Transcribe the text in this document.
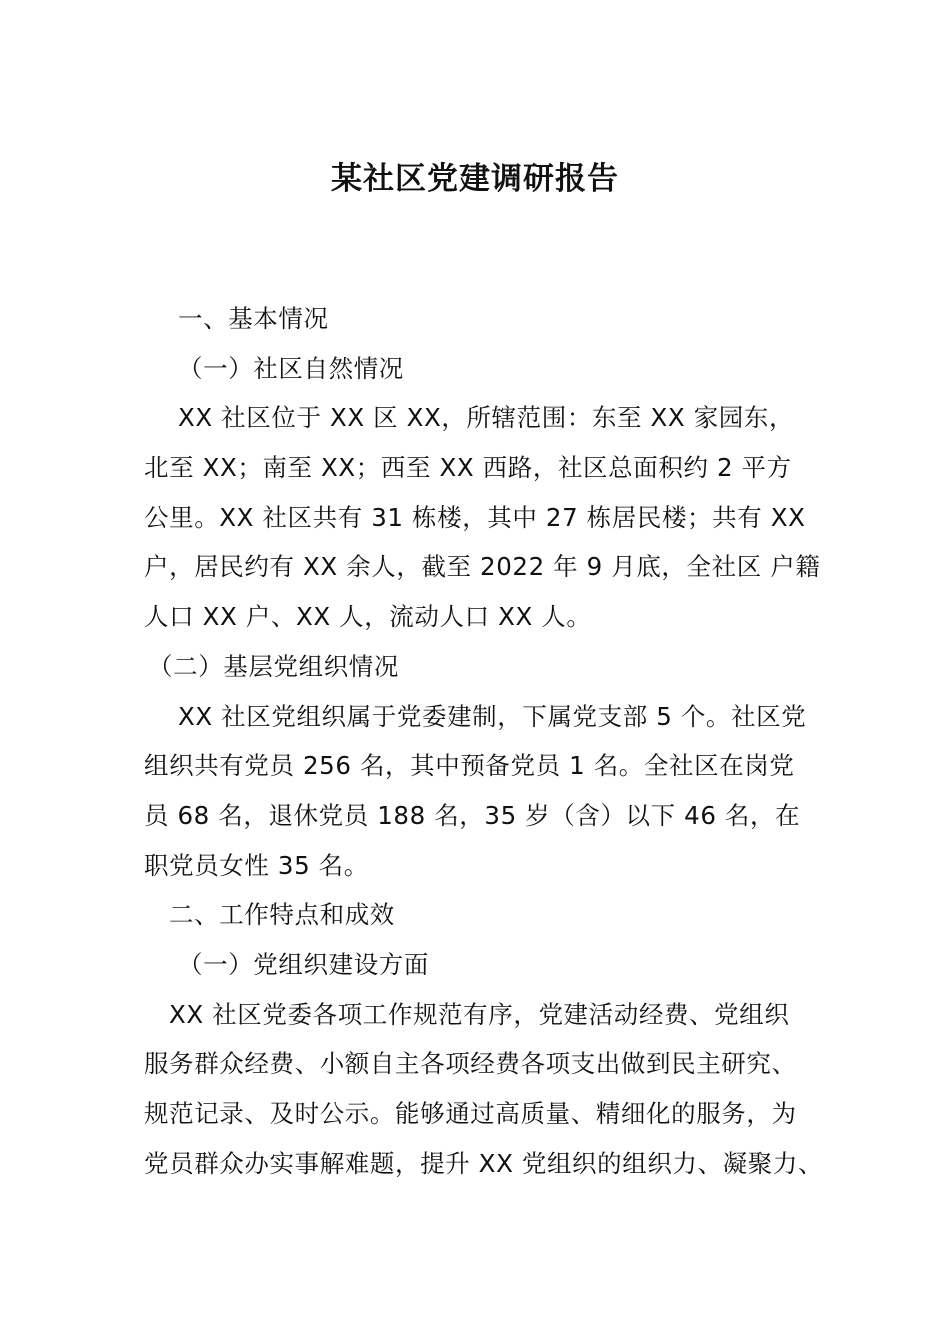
某社区党建调研报告
一、基本情况
（一）社区自然情况
XX 社区位于 XX 区 XX，所辖范围：东至 XX 家园东，
北至 XX；南至 XX；西至 XX 西路，社区总面积约 2 平方
公里。XX 社区共有 31 栋楼，其中 27 栋居民楼；共有 XX
户，居民约有 XX 余人，截至 2022 年 9 月底，全社区 户籍
人口 XX 户、XX 人，流动人口 XX 人。
（二）基层党组织情况
XX 社区党组织属于党委建制，下属党支部 5 个。社区党
组织共有党员 256 名，其中预备党员 1 名。全社区在岗党
员 68 名，退休党员 188 名，35 岁（含）以下 46 名，在
职党员女性 35 名。
二、工作特点和成效
（一）党组织建设方面
XX 社区党委各项工作规范有序，党建活动经费、党组织
服务群众经费、小额自主各项经费各项支出做到民主研究、
规范记录、及时公示。能够通过高质量、精细化的服务，为
党员群众办实事解难题，提升 XX 党组织的组织力、凝聚力、
